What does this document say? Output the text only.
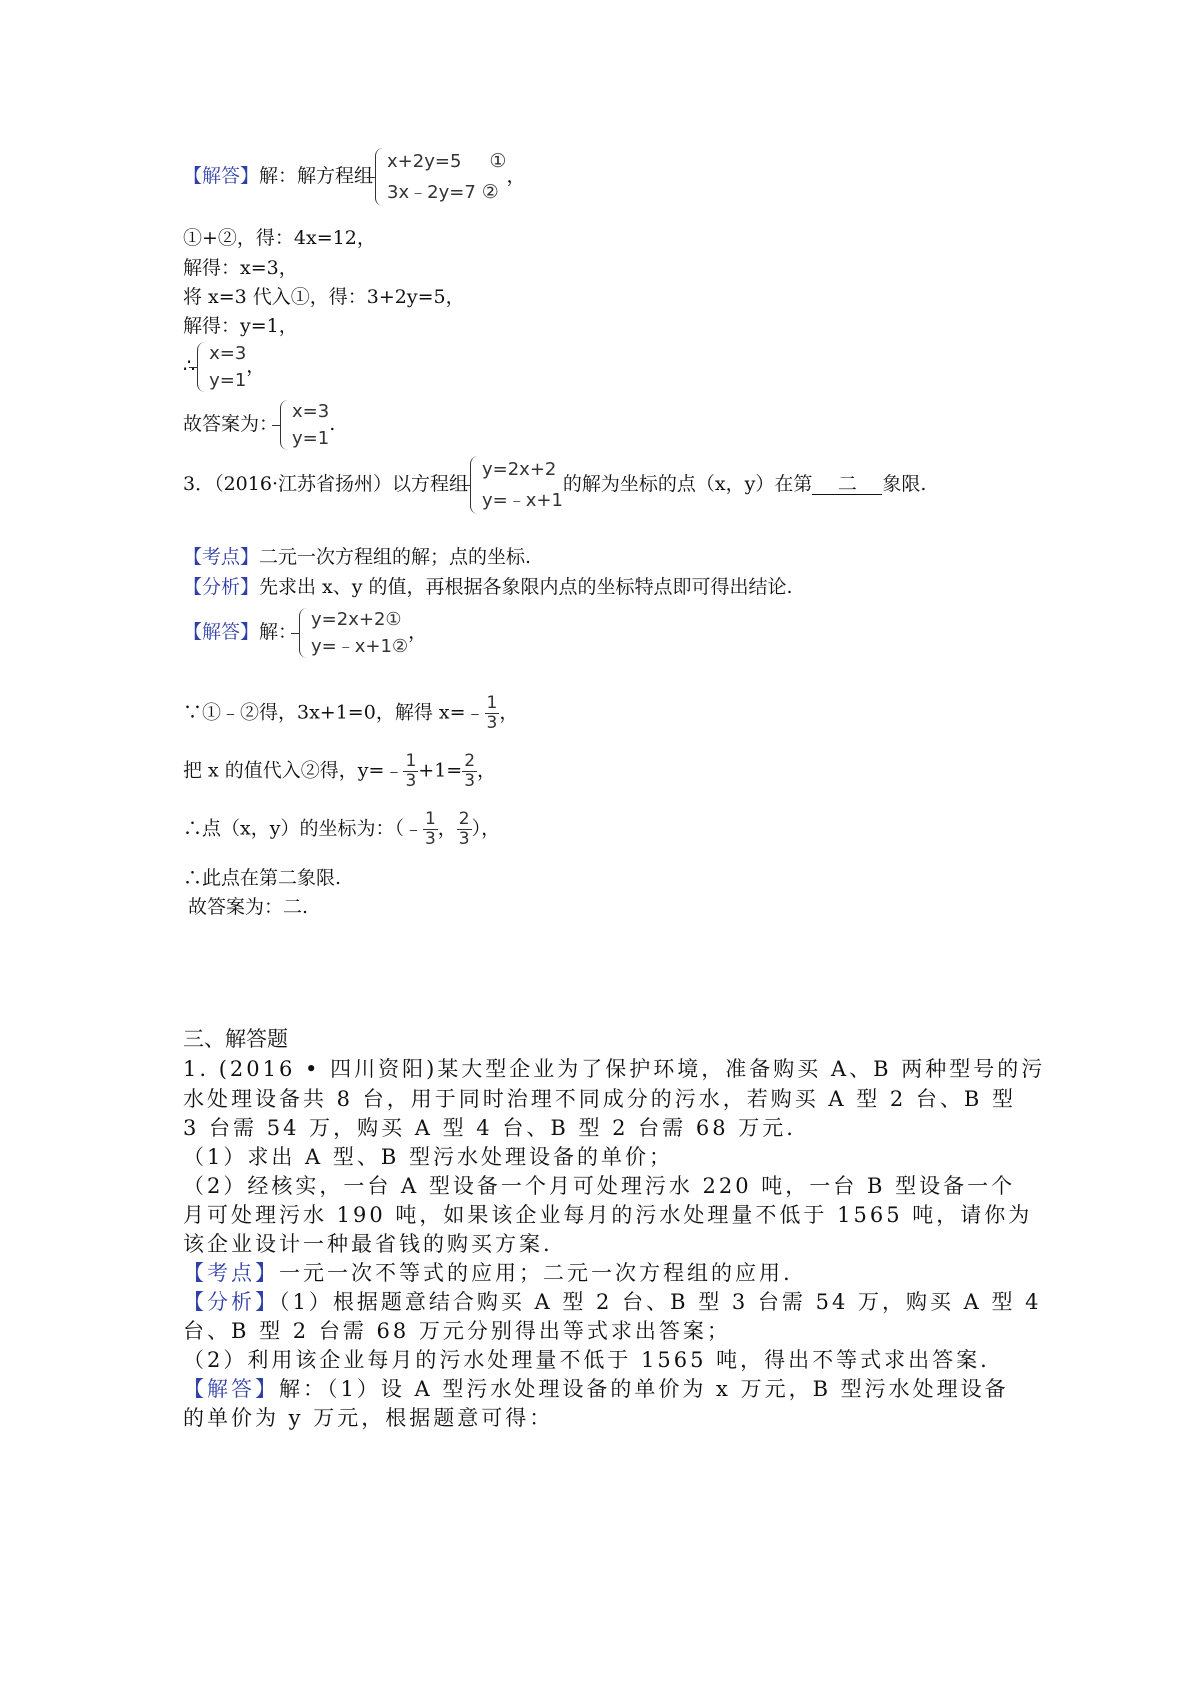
【解答】解：解方程组
x+2y=5 ①
3x﹣2y=7 ②
，
①+②，得：4x=12，
解得：x=3，
将 x=3 代入①，得：3+2y=5，
解得：y=1，
∴
x=3
y=1
，
故答案为：
x=3
y=1
.
3．（2016·江苏省扬州）以方程组
y=2x+2
y=﹣x+1
的解为坐标的点（x，y）在第 二 象限.
【考点】二元一次方程组的解；点的坐标.
【分析】先求出 x、y 的值，再根据各象限内点的坐标特点即可得出结论.
【解答】解：
y=2x+2①
y=﹣x+1②
，
∵①﹣②得，3x+1=0，解得 x=﹣ $\frac{1}{3}$ ，
把 x 的值代入②得，y=﹣ $\frac{1}{3} +1= \frac{2}{3}$ ，
∴点（x，y）的坐标为：（﹣ $\frac{1}{3}$ ， $\frac{2}{3}$ ），
∴此点在第二象限.
故答案为：二.
三、解答题
1. (2016 • 四川资阳)某大型企业为了保护环境，准备购买 A、B 两种型号的污
水处理设备共 8 台，用于同时治理不同成分的污水，若购买 A 型 2 台、B 型
3 台需 54 万，购买 A 型 4 台、B 型 2 台需 68 万元.
（1）求出 A 型、B 型污水处理设备的单价；
（2）经核实，一台 A 型设备一个月可处理污水 220 吨，一台 B 型设备一个
月可处理污水 190 吨，如果该企业每月的污水处理量不低于 1565 吨，请你为
该企业设计一种最省钱的购买方案.
【考点】一元一次不等式的应用；二元一次方程组的应用.
【分析】（1）根据题意结合购买 A 型 2 台、B 型 3 台需 54 万，购买 A 型 4
台、B 型 2 台需 68 万元分别得出等式求出答案；
（2）利用该企业每月的污水处理量不低于 1565 吨，得出不等式求出答案.
【解答】解：（1）设 A 型污水处理设备的单价为 x 万元，B 型污水处理设备
的单价为 y 万元，根据题意可得：
